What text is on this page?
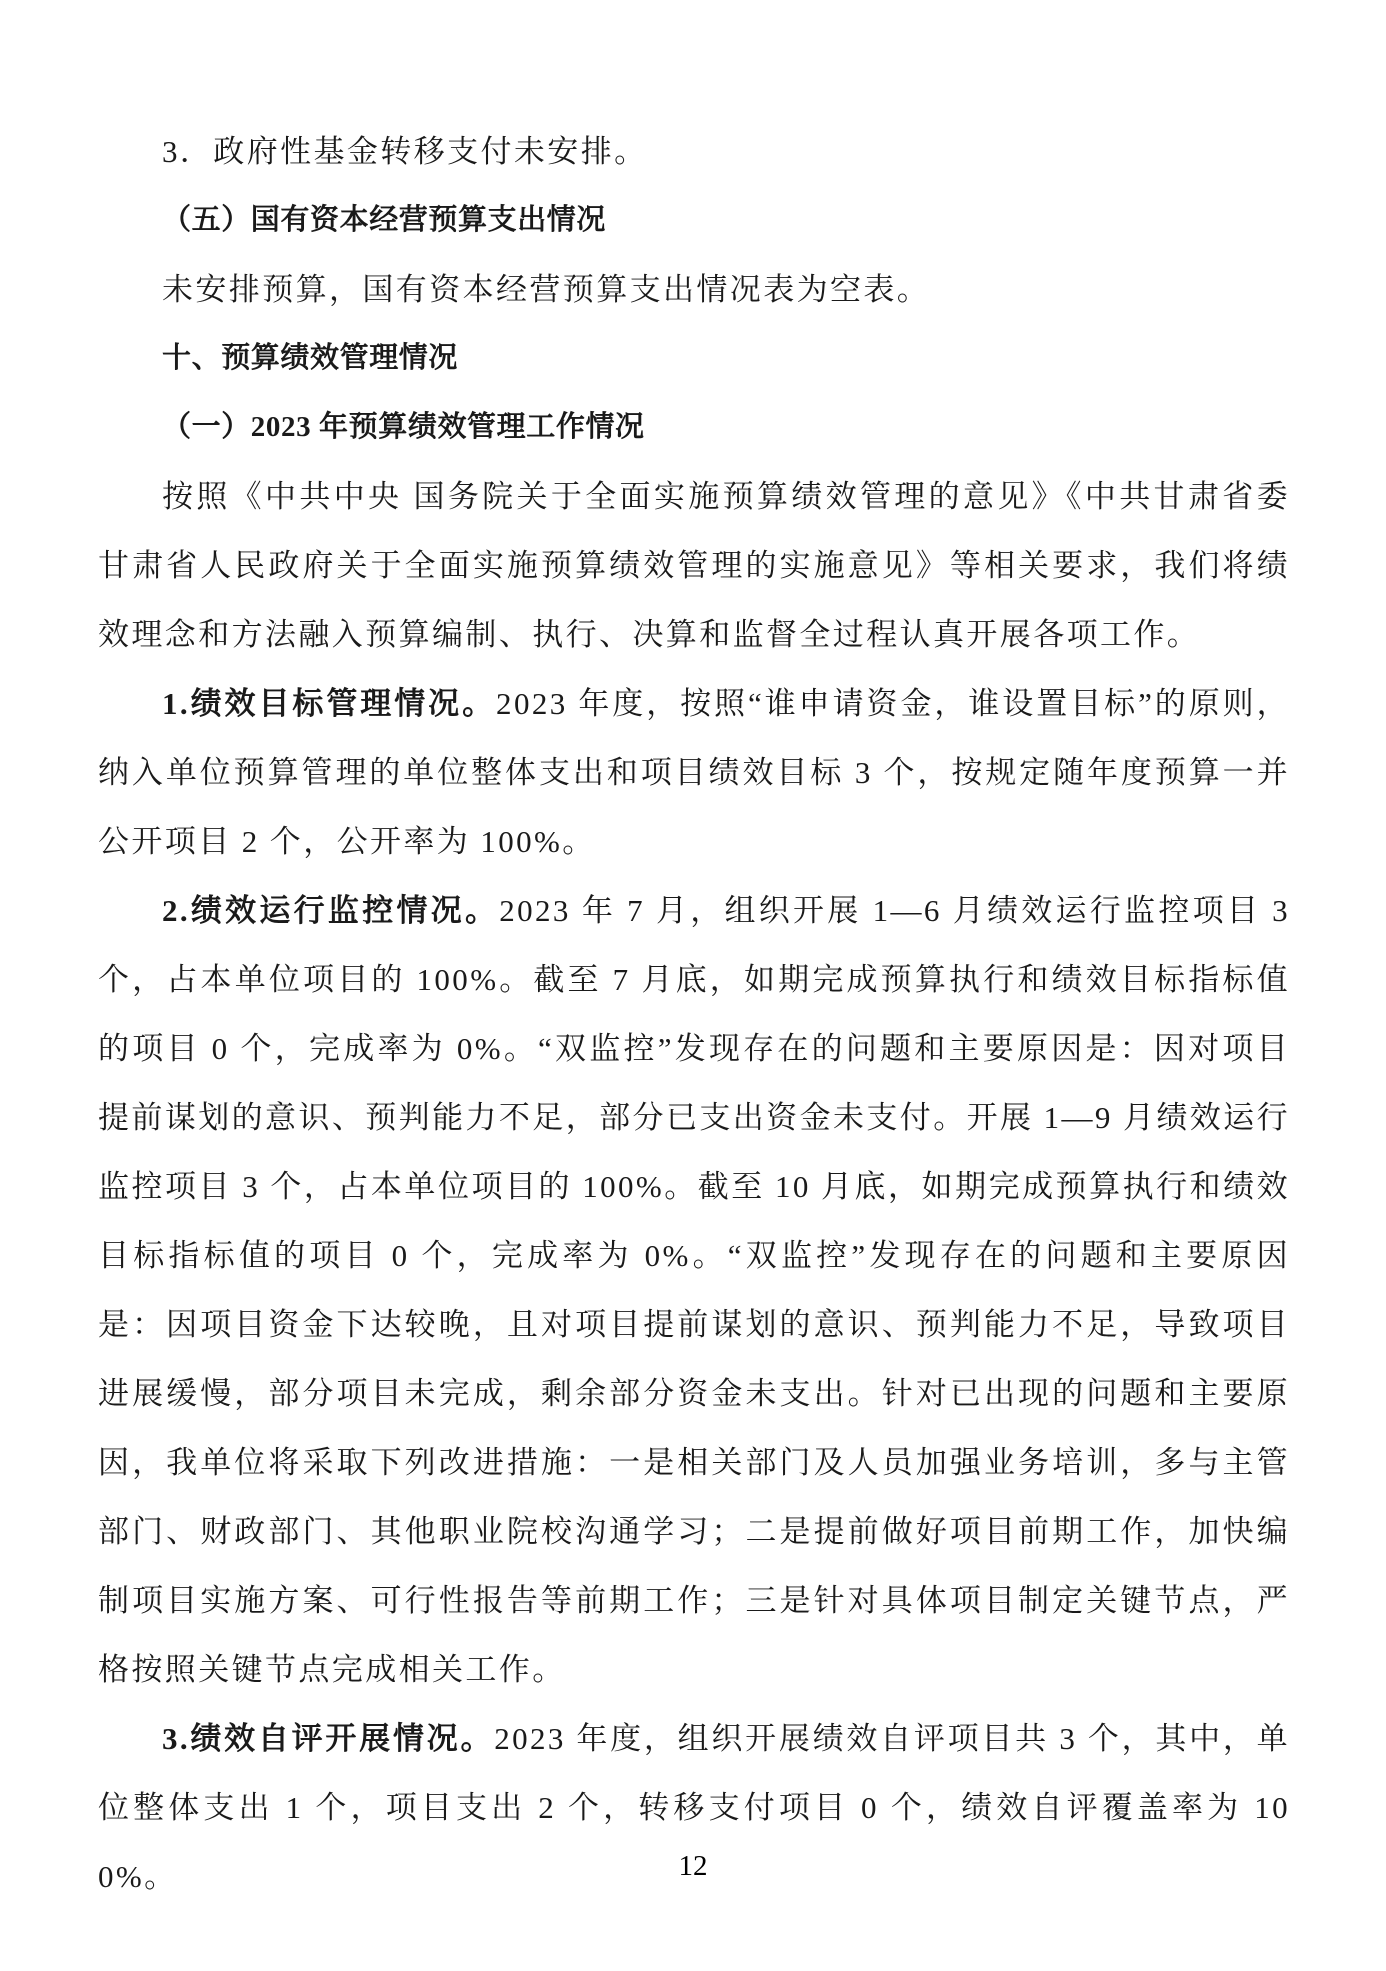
3．政府性基金转移支付未安排。

（五）国有资本经营预算支出情况

未安排预算，国有资本经营预算支出情况表为空表。

十、预算绩效管理情况

（一）2023 年预算绩效管理工作情况

按照《中共中央 国务院关于全面实施预算绩效管理的意见》《中共甘肃省委 甘肃省人民政府关于全面实施预算绩效管理的实施意见》等相关要求，我们将绩效理念和方法融入预算编制、执行、决算和监督全过程认真开展各项工作。

1.绩效目标管理情况。2023 年度，按照“谁申请资金，谁设置目标”的原则，纳入单位预算管理的单位整体支出和项目绩效目标 3 个，按规定随年度预算一并公开项目 2 个，公开率为 100%。

2.绩效运行监控情况。2023 年 7 月，组织开展 1—6 月绩效运行监控项目 3 个，占本单位项目的 100%。截至 7 月底，如期完成预算执行和绩效目标指标值的项目 0 个，完成率为 0%。“双监控”发现存在的问题和主要原因是：因对项目提前谋划的意识、预判能力不足，部分已支出资金未支付。开展 1—9 月绩效运行监控项目 3 个，占本单位项目的 100%。截至 10 月底，如期完成预算执行和绩效目标指标值的项目 0 个，完成率为 0%。“双监控”发现存在的问题和主要原因是：因项目资金下达较晚，且对项目提前谋划的意识、预判能力不足，导致项目进展缓慢，部分项目未完成，剩余部分资金未支出。针对已出现的问题和主要原因，我单位将采取下列改进措施：一是相关部门及人员加强业务培训，多与主管部门、财政部门、其他职业院校沟通学习；二是提前做好项目前期工作，加快编制项目实施方案、可行性报告等前期工作；三是针对具体项目制定关键节点，严格按照关键节点完成相关工作。

3.绩效自评开展情况。2023 年度，组织开展绩效自评项目共 3 个，其中，单位整体支出 1 个，项目支出 2 个，转移支付项目 0 个，绩效自评覆盖率为 100%。	12
